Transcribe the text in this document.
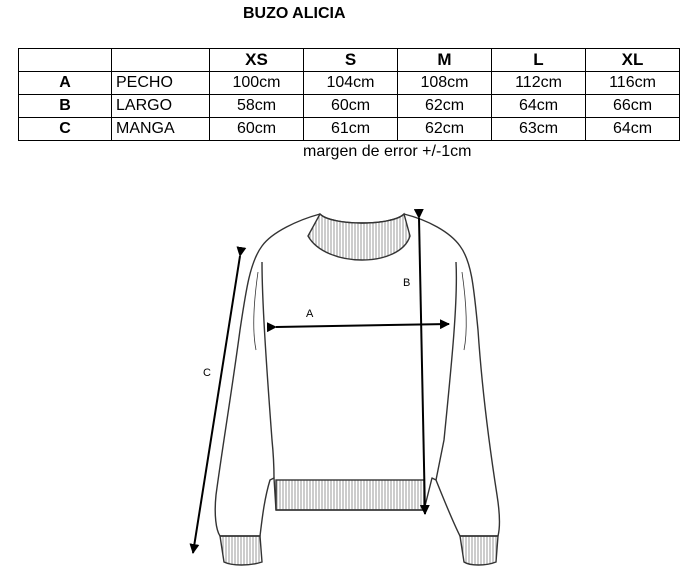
BUZO ALICIA
		XS	S	M	L	XL
A	PECHO	100cm	104cm	108cm	112cm	116cm
B	LARGO	58cm	60cm	62cm	64cm	66cm
C	MANGA	60cm	61cm	62cm	63cm	64cm
margen de error +/-1cm
A
B
C
